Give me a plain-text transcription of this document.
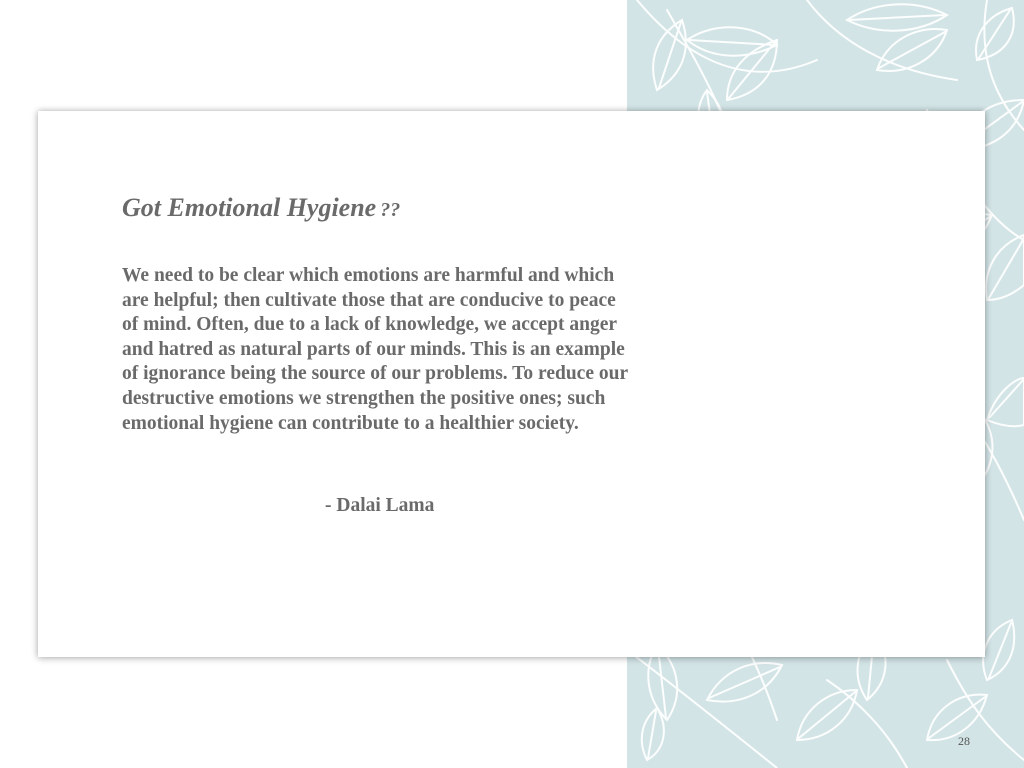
Got Emotional Hygiene ??

We need to be clear which emotions are harmful and which are helpful; then cultivate those that are conducive to peace of mind. Often, due to a lack of knowledge, we accept anger and hatred as natural parts of our minds. This is an example of ignorance being the source of our problems. To reduce our destructive emotions we strengthen the positive ones; such emotional hygiene can contribute to a healthier society.

- Dalai Lama

28
